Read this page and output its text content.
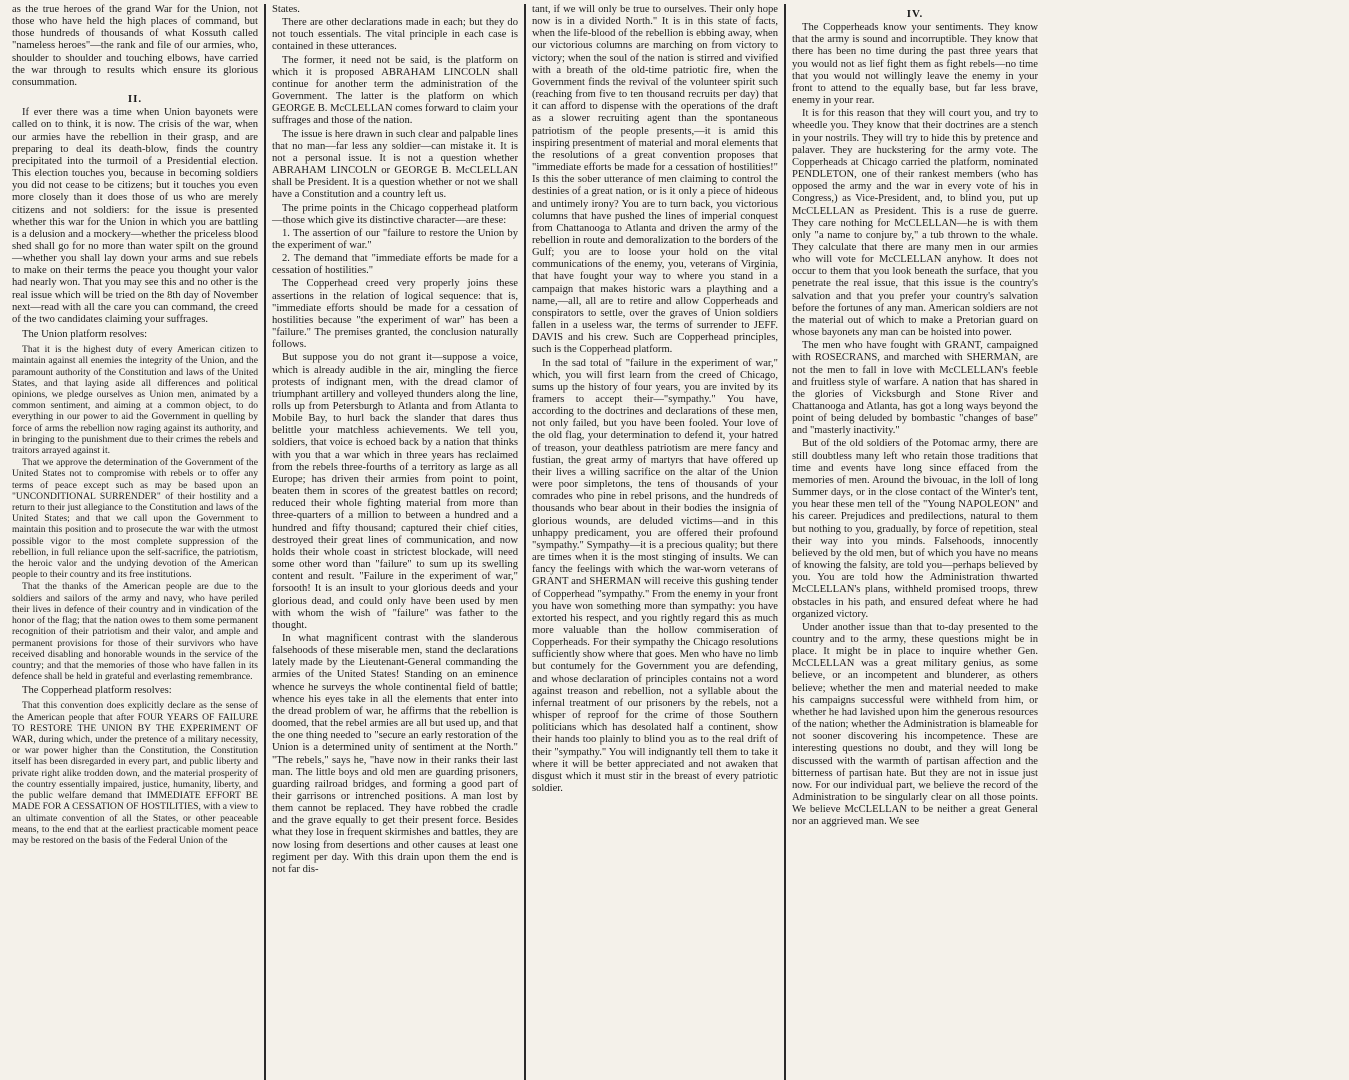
as the true heroes of the grand War for the Union, not those who have held the high places of command, but those hundreds of thousands of what Kossuth called "nameless heroes"—the rank and file of our armies, who, shoulder to shoulder and touching elbows, have carried the war through to results which ensure its glorious consummation.

II.

If ever there was a time when Union bayonets were called on to think, it is now. The crisis of the war, when our armies have the rebellion in their grasp, and are preparing to deal its death-blow, finds the country precipitated into the turmoil of a Presidential election. This election touches you, because in becoming soldiers you did not cease to be citizens; but it touches you even more closely than it does those of us who are merely citizens and not soldiers: for the issue is presented whether this war for the Union in which you are battling is a delusion and a mockery—whether the priceless blood shed shall go for no more than water spilt on the ground—whether you shall lay down your arms and sue rebels to make on their terms the peace you thought your valor had nearly won. That you may see this and no other is the real issue which will be tried on the 8th day of November next—read with all the care you can command, the creed of the two candidates claiming your suffrages.

The Union platform resolves:

That it is the highest duty of every American citizen to maintain against all enemies the integrity of the Union, and the paramount authority of the Constitution and laws of the United States, and that laying aside all differences and political opinions, we pledge ourselves as Union men, animated by a common sentiment, and aiming at a common object, to do everything in our power to aid the Government in quelling by force of arms the rebellion now raging against its authority, and in bringing to the punishment due to their crimes the rebels and traitors arrayed against it.

That we approve the determination of the Government of the United States not to compromise with rebels or to offer any terms of peace except such as may be based upon an "UNCONDITIONAL SURRENDER" of their hostility and a return to their just allegiance to the Constitution and laws of the United States; and that we call upon the Government to maintain this position and to prosecute the war with the utmost possible vigor to the most complete suppression of the rebellion, in full reliance upon the self-sacrifice, the patriotism, the heroic valor and the undying devotion of the American people to their country and its free institutions.

That the thanks of the American people are due to the soldiers and sailors of the army and navy, who have periled their lives in defence of their country and in vindication of the honor of the flag; that the nation owes to them some permanent recognition of their patriotism and their valor, and ample and permanent provisions for those of their survivors who have received disabling and honorable wounds in the service of the country; and that the memories of those who have fallen in its defence shall be held in grateful and everlasting remembrance.

The Copperhead platform resolves:

That this convention does explicitly declare as the sense of the American people that after FOUR YEARS OF FAILURE TO RESTORE THE UNION BY THE EXPERIMENT OF WAR, during which, under the pretence of a military necessity, or war power higher than the Constitution, the Constitution itself has been disregarded in every part, and public liberty and private right alike trodden down, and the material prosperity of the country essentially impaired, justice, humanity, liberty, and the public welfare demand that IMMEDIATE EFFORT BE MADE FOR A CESSATION OF HOSTILITIES, with a view to an ultimate convention of all the States, or other peaceable means, to the end that at the earliest practicable moment peace may be restored on the basis of the Federal Union of the

States.

There are other declarations made in each; but they do not touch essentials. The vital principle in each case is contained in these utterances.

The former, it need not be said, is the platform on which it is proposed ABRAHAM LINCOLN shall continue for another term the administration of the Government. The latter is the platform on which GEORGE B. McCLELLAN comes forward to claim your suffrages and those of the nation.

The issue is here drawn in such clear and palpable lines that no man—far less any soldier—can mistake it. It is not a personal issue. It is not a question whether ABRAHAM LINCOLN or GEORGE B. McCLELLAN shall be President. It is a question whether or not we shall have a Constitution and a country left us.

The prime points in the Chicago copperhead platform—those which give its distinctive character—are these:

1. The assertion of our "failure to restore the Union by the experiment of war."

2. The demand that "immediate efforts be made for a cessation of hostilities."

The Copperhead creed very properly joins these assertions in the relation of logical sequence: that is, "immediate efforts should be made for a cessation of hostilities because "the experiment of war" has been a "failure." The premises granted, the conclusion naturally follows.

But suppose you do not grant it—suppose a voice, which is already audible in the air, mingling the fierce protests of indignant men, with the dread clamor of triumphant artillery and volleyed thunders along the line, rolls up from Petersburgh to Atlanta and from Atlanta to Mobile Bay, to hurl back the slander that dares thus belittle your matchless achievements. We tell you, soldiers, that voice is echoed back by a nation that thinks with you that a war which in three years has reclaimed from the rebels three-fourths of a territory as large as all Europe; has driven their armies from point to point, beaten them in scores of the greatest battles on record; reduced their whole fighting material from more than three-quarters of a million to between a hundred and a hundred and fifty thousand; captured their chief cities, destroyed their great lines of communication, and now holds their whole coast in strictest blockade, will need some other word than "failure" to sum up its swelling content and result. "Failure in the experiment of war," forsooth! It is an insult to your glorious deeds and your glorious dead, and could only have been used by men with whom the wish of "failure" was father to the thought.

In what magnificent contrast with the slanderous falsehoods of these miserable men, stand the declarations lately made by the Lieutenant-General commanding the armies of the United States! Standing on an eminence whence he surveys the whole continental field of battle; whence his eyes take in all the elements that enter into the dread problem of war, he affirms that the rebellion is doomed, that the rebel armies are all but used up, and that the one thing needed to "secure an early restoration of the Union is a determined unity of sentiment at the North." "The rebels," says he, "have now in their ranks their last man. The little boys and old men are guarding prisoners, guarding railroad bridges, and forming a good part of their garrisons or intrenched positions. A man lost by them cannot be replaced. They have robbed the cradle and the grave equally to get their present force. Besides what they lose in frequent skirmishes and battles, they are now losing from desertions and other causes at least one regiment per day. With this drain upon them the end is not far dis-

tant, if we will only be true to ourselves. Their only hope now is in a divided North." It is in this state of facts, when the life-blood of the rebellion is ebbing away, when our victorious columns are marching on from victory to victory; when the soul of the nation is stirred and vivified with a breath of the old-time patriotic fire, when the Government finds the revival of the volunteer spirit such (reaching from five to ten thousand recruits per day) that it can afford to dispense with the operations of the draft as a slower recruiting agent than the spontaneous patriotism of the people presents,—it is amid this inspiring presentment of material and moral elements that the resolutions of a great convention proposes that "immediate efforts be made for a cessation of hostilities!" Is this the sober utterance of men claiming to control the destinies of a great nation, or is it only a piece of hideous and untimely irony? You are to turn back, you victorious columns that have pushed the lines of imperial conquest from Chattanooga to Atlanta and driven the army of the rebellion in route and demoralization to the borders of the Gulf; you are to loose your hold on the vital communications of the enemy, you, veterans of Virginia, that have fought your way to where you stand in a campaign that makes historic wars a plaything and a name,—all, all are to retire and allow Copperheads and conspirators to settle, over the graves of Union soldiers fallen in a useless war, the terms of surrender to JEFF. DAVIS and his crew. Such are Copperhead principles, such is the Copperhead platform.

In the sad total of "failure in the experiment of war," which, you will first learn from the creed of Chicago, sums up the history of four years, you are invited by its framers to accept their—"sympathy." You have, according to the doctrines and declarations of these men, not only failed, but you have been fooled. Your love of the old flag, your determination to defend it, your hatred of treason, your deathless patriotism are mere fancy and fustian, the great army of martyrs that have offered up their lives a willing sacrifice on the altar of the Union were poor simpletons, the tens of thousands of your comrades who pine in rebel prisons, and the hundreds of thousands who bear about in their bodies the insignia of glorious wounds, are deluded victims—and in this unhappy predicament, you are offered their profound "sympathy." Sympathy—it is a precious quality; but there are times when it is the most stinging of insults. We can fancy the feelings with which the war-worn veterans of GRANT and SHERMAN will receive this gushing tender of Copperhead "sympathy." From the enemy in your front you have won something more than sympathy: you have extorted his respect, and you rightly regard this as much more valuable than the hollow commiseration of Copperheads. For their sympathy the Chicago resolutions sufficiently show where that goes. Men who have no limb but contumely for the Government you are defending, and whose declaration of principles contains not a word against treason and rebellion, not a syllable about the infernal treatment of our prisoners by the rebels, not a whisper of reproof for the crime of those Southern politicians which has desolated half a continent, show their hands too plainly to blind you as to the real drift of their "sympathy." You will indignantly tell them to take it where it will be better appreciated and not awaken that disgust which it must stir in the breast of every patriotic soldier.

IV.

The Copperheads know your sentiments. They know that the army is sound and incorruptible. They know that there has been no time during the past three years that you would not as lief fight them as fight rebels—no time that you would not willingly leave the enemy in your front to attend to the equally base, but far less brave, enemy in your rear.

It is for this reason that they will court you, and try to wheedle you. They know that their doctrines are a stench in your nostrils. They will try to hide this by pretence and palaver. They are huckstering for the army vote. The Copperheads at Chicago carried the platform, nominated PENDLETON, one of their rankest members (who has opposed the army and the war in every vote of his in Congress,) as Vice-President, and, to blind you, put up McCLELLAN as President. This is a ruse de guerre. They care nothing for McCLELLAN—he is with them only "a name to conjure by," a tub thrown to the whale. They calculate that there are many men in our armies who will vote for McCLELLAN anyhow. It does not occur to them that you look beneath the surface, that you penetrate the real issue, that this issue is the country's salvation and that you prefer your country's salvation before the fortunes of any man. American soldiers are not the material out of which to make a Pretorian guard on whose bayonets any man can be hoisted into power.

The men who have fought with GRANT, campaigned with ROSECRANS, and marched with SHERMAN, are not the men to fall in love with McCLELLAN's feeble and fruitless style of warfare. A nation that has shared in the glories of Vicksburgh and Stone River and Chattanooga and Atlanta, has got a long ways beyond the point of being deluded by bombastic "changes of base" and "masterly inactivity."

But of the old soldiers of the Potomac army, there are still doubtless many left who retain those traditions that time and events have long since effaced from the memories of men. Around the bivouac, in the loll of long Summer days, or in the close contact of the Winter's tent, you hear these men tell of the "Young NAPOLEON" and his career. Prejudices and predilections, natural to them but nothing to you, gradually, by force of repetition, steal their way into you minds. Falsehoods, innocently believed by the old men, but of which you have no means of knowing the falsity, are told you—perhaps believed by you. You are told how the Administration thwarted McCLELLAN's plans, withheld promised troops, threw obstacles in his path, and ensured defeat where he had organized victory.

Under another issue than that to-day presented to the country and to the army, these questions might be in place. It might be in place to inquire whether Gen. McCLELLAN was a great military genius, as some believe, or an incompetent and blunderer, as others believe; whether the men and material needed to make his campaigns successful were withheld from him, or whether he had lavished upon him the generous resources of the nation; whether the Administration is blameable for not sooner discovering his incompetence. These are interesting questions no doubt, and they will long be discussed with the warmth of partisan affection and the bitterness of partisan hate. But they are not in issue just now. For our individual part, we believe the record of the Administration to be singularly clear on all those points. We believe McCLELLAN to be neither a great General nor an aggrieved man. We see
